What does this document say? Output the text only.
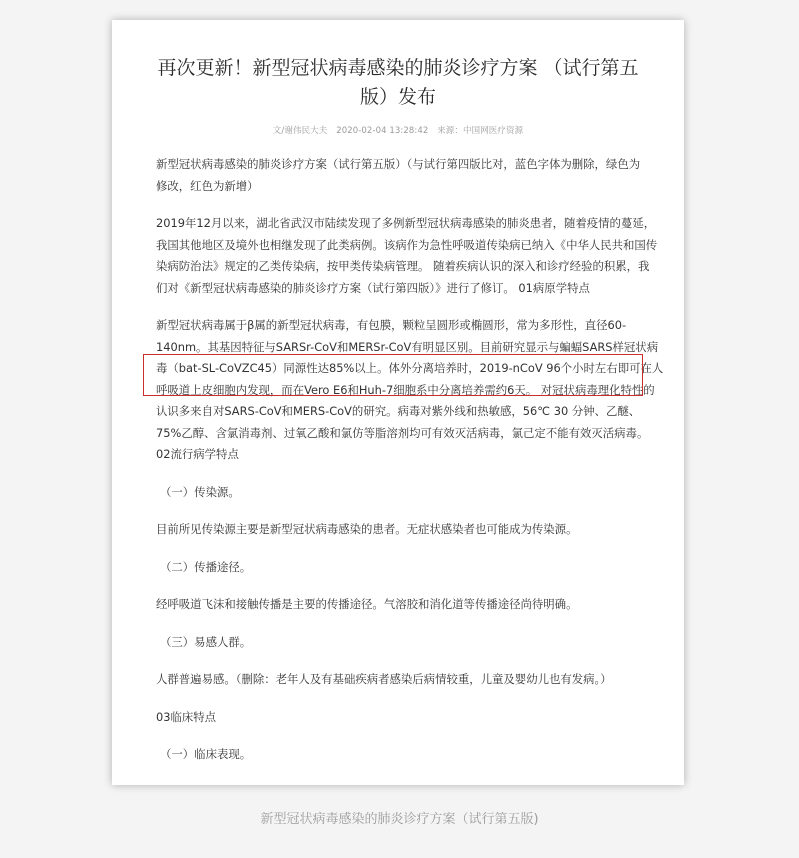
再次更新！新型冠状病毒感染的肺炎诊疗方案 （试行第五
版）发布
文/谢伟民大夫 2020-02-04 13:28:42 来源：中国网医疗资源
新型冠状病毒感染的肺炎诊疗方案（试行第五版）（与试行第四版比对，蓝色字体为删除，绿色为
修改，红色为新增）
2019年12月以来，湖北省武汉市陆续发现了多例新型冠状病毒感染的肺炎患者，随着疫情的蔓延，
我国其他地区及境外也相继发现了此类病例。该病作为急性呼吸道传染病已纳入《中华人民共和国传
染病防治法》规定的乙类传染病，按甲类传染病管理。 随着疾病认识的深入和诊疗经验的积累，我
们对《新型冠状病毒感染的肺炎诊疗方案（试行第四版）》进行了修订。 01病原学特点
新型冠状病毒属于β属的新型冠状病毒，有包膜，颗粒呈圆形或椭圆形，常为多形性，直径60-
140nm。其基因特征与SARSr-CoV和MERSr-CoV有明显区别。目前研究显示与蝙蝠SARS样冠状病
毒（bat-SL-CoVZC45）同源性达85%以上。体外分离培养时，2019-nCoV 96个小时左右即可在人
呼吸道上皮细胞内发现，而在Vero E6和Huh-7细胞系中分离培养需约6天。 对冠状病毒理化特性的
认识多来自对SARS-CoV和MERS-CoV的研究。病毒对紫外线和热敏感，56℃ 30 分钟、乙醚、
75%乙醇、含氯消毒剂、过氧乙酸和氯仿等脂溶剂均可有效灭活病毒，氯己定不能有效灭活病毒。
02流行病学特点
（一）传染源。
目前所见传染源主要是新型冠状病毒感染的患者。无症状感染者也可能成为传染源。
（二）传播途径。
经呼吸道飞沫和接触传播是主要的传播途径。气溶胶和消化道等传播途径尚待明确。
（三）易感人群。
人群普遍易感。（删除：老年人及有基础疾病者感染后病情较重，儿童及婴幼儿也有发病。）
03临床特点
（一）临床表现。
新型冠状病毒感染的肺炎诊疗方案（试行第五版)
